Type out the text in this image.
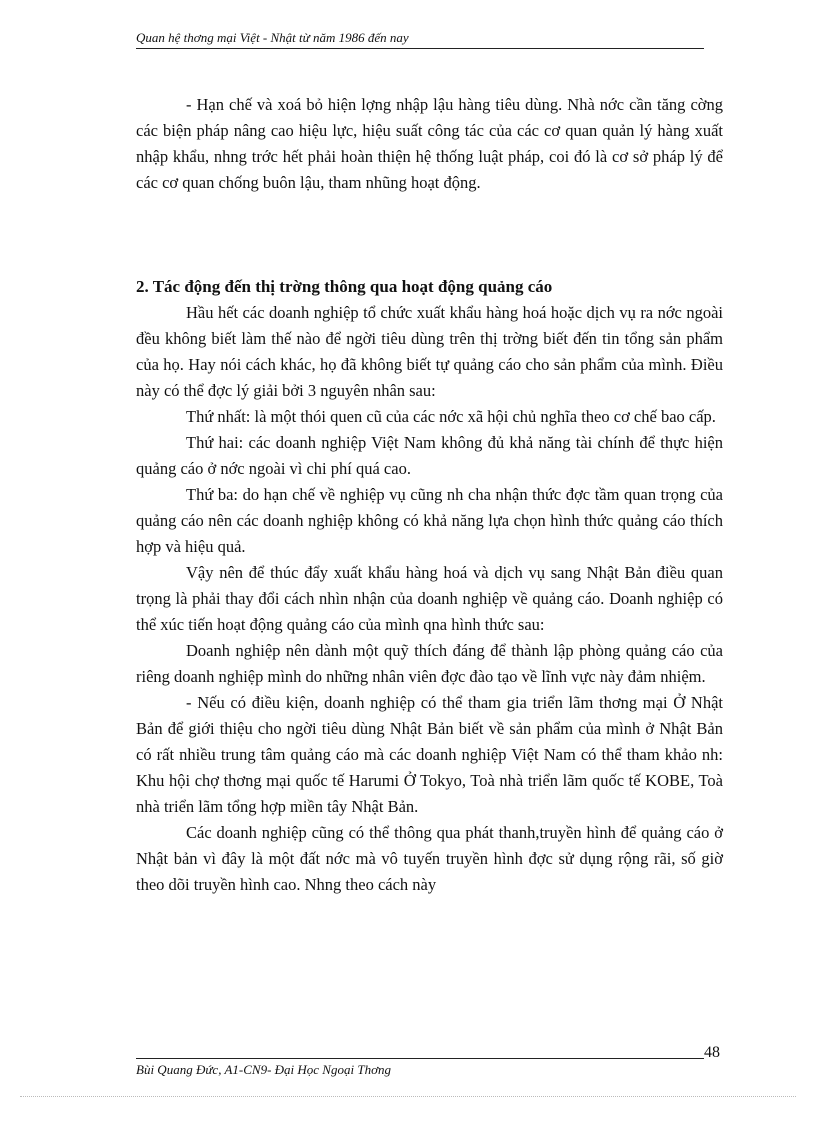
Quan hệ thơng mại Việt - Nhật từ năm 1986 đến nay

- Hạn chế và xoá bỏ hiện lợng nhập lậu hàng tiêu dùng. Nhà nớc cần tăng cờng các biện pháp nâng cao hiệu lực, hiệu suất công tác của các cơ quan quản lý hàng xuất nhập khẩu, nhng trớc hết phải hoàn thiện hệ thống luật pháp, coi đó là cơ sở pháp lý để các cơ quan chống buôn lậu, tham nhũng hoạt động.

2. Tác động đến thị trờng thông qua hoạt động quảng cáo

Hầu hết các doanh nghiệp tổ chức xuất khẩu hàng hoá hoặc dịch vụ ra nớc ngoài đều không biết làm thế nào để ngời tiêu dùng trên thị trờng biết đến tin tổng sản phẩm của họ. Hay nói cách khác, họ đã không biết tự quảng cáo cho sản phẩm của mình. Điều này có thể đợc lý giải bởi 3 nguyên nhân sau:

Thứ nhất: là một thói quen cũ của các nớc xã hội chủ nghĩa theo cơ chế bao cấp.

Thứ hai: các doanh nghiệp Việt Nam không đủ khả năng tài chính để thực hiện quảng cáo ở nớc ngoài vì chi phí quá cao.

Thứ ba: do hạn chế về nghiệp vụ cũng nh cha nhận thức đợc tầm quan trọng của quảng cáo nên các doanh nghiệp không có khả năng lựa chọn hình thức quảng cáo thích hợp và hiệu quả.

Vậy nên để thúc đẩy xuất khẩu hàng hoá và dịch vụ sang Nhật Bản điều quan trọng là phải thay đổi cách nhìn nhận của doanh nghiệp về quảng cáo. Doanh nghiệp có thể xúc tiến hoạt động quảng cáo của mình qna hình thức sau:

Doanh nghiệp nên dành một quỹ thích đáng để thành lập phòng quảng cáo của riêng doanh nghiệp mình do những nhân viên đợc đào tạo về lĩnh vực này đảm nhiệm.

- Nếu có điều kiện, doanh nghiệp có thể tham gia triển lãm thơng mại Ở Nhật Bản để giới thiệu cho ngời tiêu dùng Nhật Bản biết về sản phẩm của mình ở Nhật Bản có rất nhiều trung tâm quảng cáo mà các doanh nghiệp Việt Nam có thể tham khảo nh: Khu hội chợ thơng mại quốc tế Harumi Ở Tokyo, Toà nhà triển lãm quốc tế KOBE, Toà nhà triển lãm tổng hợp miền tây Nhật Bản.

Các doanh nghiệp cũng có thể thông qua phát thanh,truyền hình để quảng cáo ở Nhật bản vì đây là một đất nớc mà vô tuyến truyền hình đợc sử dụng rộng rãi, số giờ theo dõi truyền hình cao. Nhng theo cách này

48
Bùi Quang Đức, A1-CN9- Đại Học Ngoại Thơng
